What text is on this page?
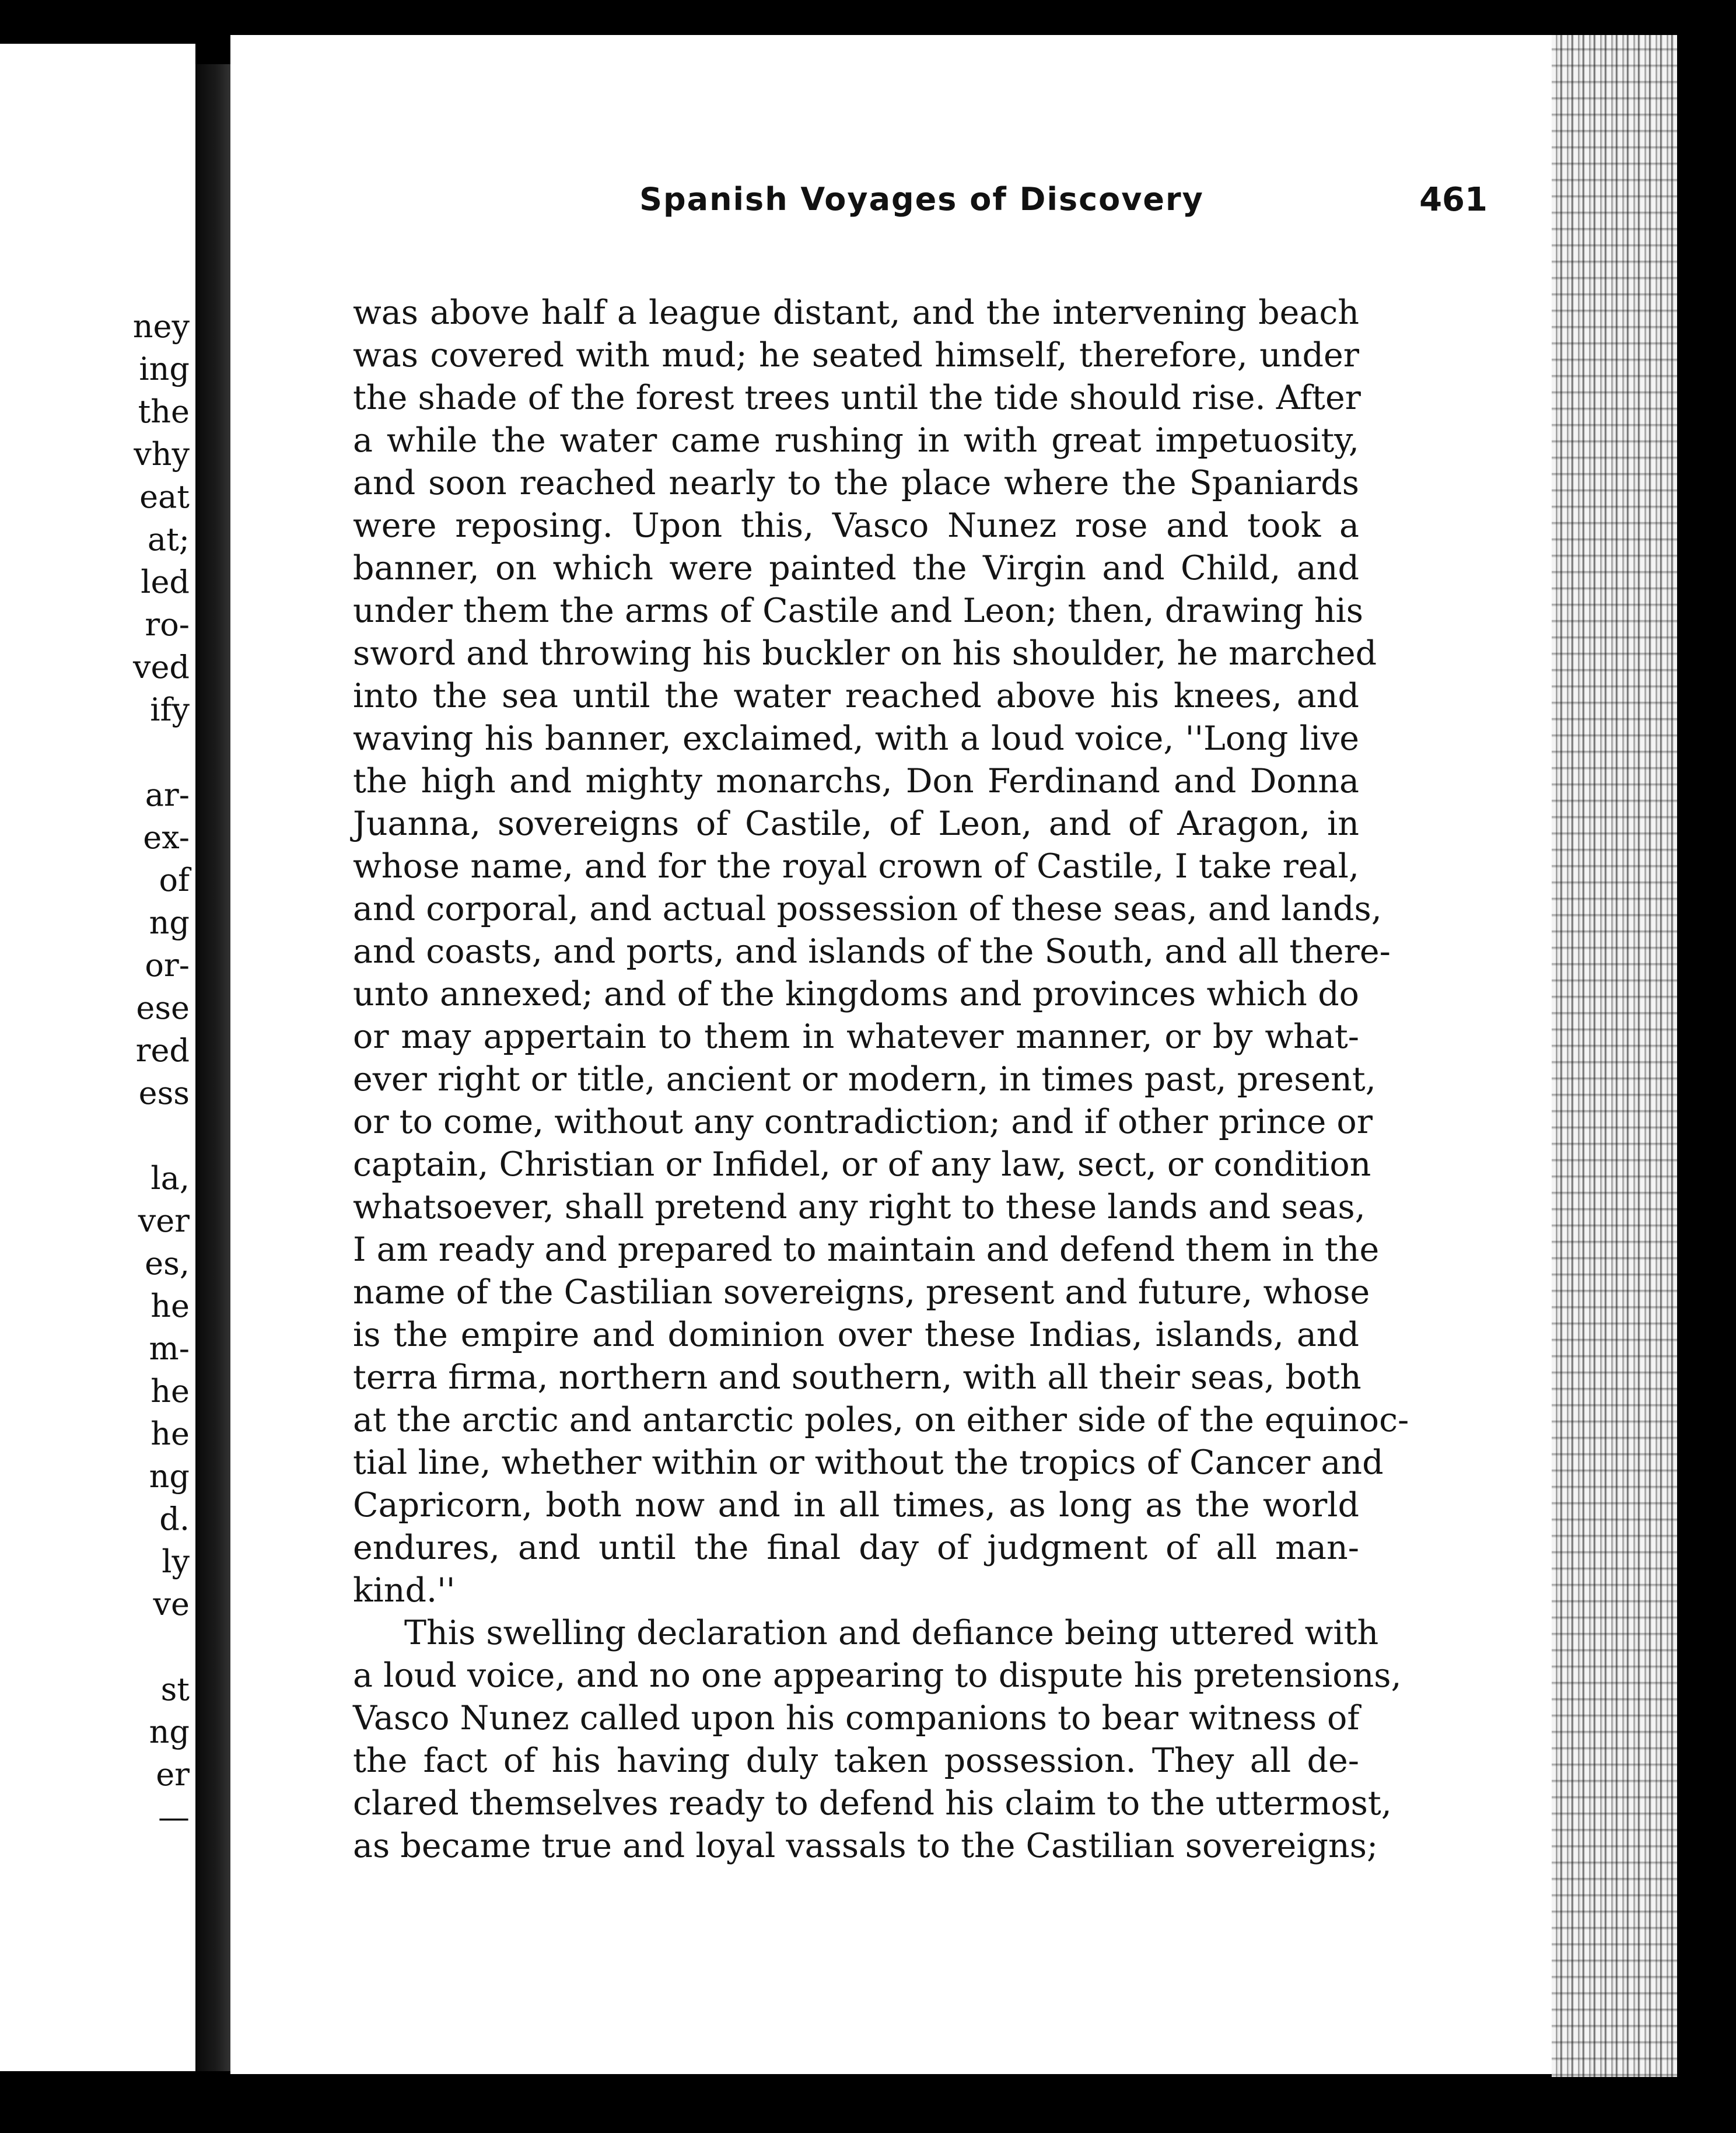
ney
ing
the
vhy
eat
at;
led
ro-
ved
ify
ar-
ex-
of
ng
or-
ese
red
ess
la,
ver
es,
he
m-
he
he
ng
d.
ly
ve
st
ng
er
—
Spanish Voyages of Discovery	461
was above half a league distant, and the intervening beach
was covered with mud; he seated himself, therefore, under
the shade of the forest trees until the tide should rise. After
a while the water came rushing in with great impetuosity,
and soon reached nearly to the place where the Spaniards
were reposing. Upon this, Vasco Nunez rose and took a
banner, on which were painted the Virgin and Child, and
under them the arms of Castile and Leon; then, drawing his
sword and throwing his buckler on his shoulder, he marched
into the sea until the water reached above his knees, and
waving his banner, exclaimed, with a loud voice, ''Long live
the high and mighty monarchs, Don Ferdinand and Donna
Juanna, sovereigns of Castile, of Leon, and of Aragon, in
whose name, and for the royal crown of Castile, I take real,
and corporal, and actual possession of these seas, and lands,
and coasts, and ports, and islands of the South, and all there-
unto annexed; and of the kingdoms and provinces which do
or may appertain to them in whatever manner, or by what-
ever right or title, ancient or modern, in times past, present,
or to come, without any contradiction; and if other prince or
captain, Christian or Infidel, or of any law, sect, or condition
whatsoever, shall pretend any right to these lands and seas,
I am ready and prepared to maintain and defend them in the
name of the Castilian sovereigns, present and future, whose
is the empire and dominion over these Indias, islands, and
terra firma, northern and southern, with all their seas, both
at the arctic and antarctic poles, on either side of the equinoc-
tial line, whether within or without the tropics of Cancer and
Capricorn, both now and in all times, as long as the world
endures, and until the final day of judgment of all man-
kind.''
This swelling declaration and defiance being uttered with
a loud voice, and no one appearing to dispute his pretensions,
Vasco Nunez called upon his companions to bear witness of
the fact of his having duly taken possession. They all de-
clared themselves ready to defend his claim to the uttermost,
as became true and loyal vassals to the Castilian sovereigns;
